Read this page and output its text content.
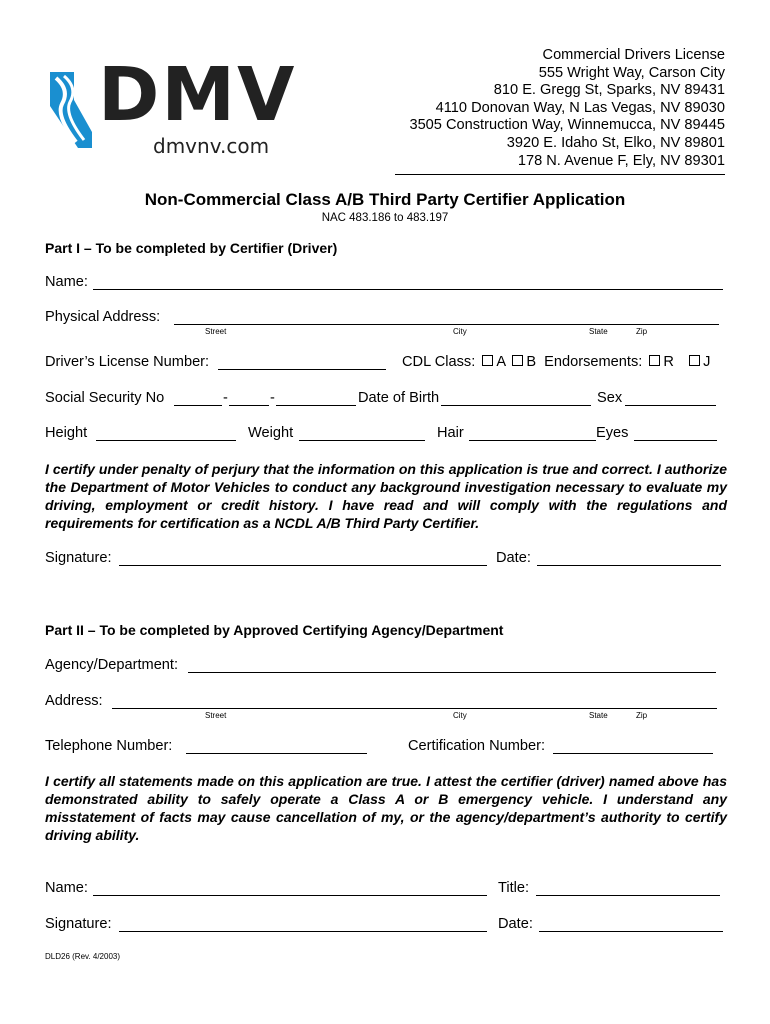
DMV
dmvnv.com
Commercial Drivers License
555 Wright Way, Carson City
810 E. Gregg St, Sparks, NV 89431
4110 Donovan Way, N Las Vegas, NV 89030
3505 Construction Way, Winnemucca, NV 89445
3920 E. Idaho St, Elko, NV 89801
178 N. Avenue F, Ely, NV 89301
Non-Commercial Class A/B Third Party Certifier Application
NAC 483.186 to 483.197
Part I – To be completed by Certifier (Driver)
Name:
Physical Address:
Street	City	State	Zip
Driver’s License Number:	CDL Class: A B Endorsements: R J
Social Security No	-	-	Date of Birth	Sex
Height	Weight	Hair	Eyes
I certify under penalty of perjury that the information on this application is true and correct. I authorize the Department of Motor Vehicles to conduct any background investigation necessary to evaluate my driving, employment or credit history. I have read and will comply with the regulations and requirements for certification as a NCDL A/B Third Party Certifier.
Signature:	Date:
Part II – To be completed by Approved Certifying Agency/Department
Agency/Department:
Address:
Street	City	State	Zip
Telephone Number:	Certification Number:
I certify all statements made on this application are true. I attest the certifier (driver) named above has demonstrated ability to safely operate a Class A or B emergency vehicle. I understand any misstatement of facts may cause cancellation of my, or the agency/department’s authority to certify driving ability.
Name:	Title:
Signature:	Date:
DLD26 (Rev. 4/2003)
